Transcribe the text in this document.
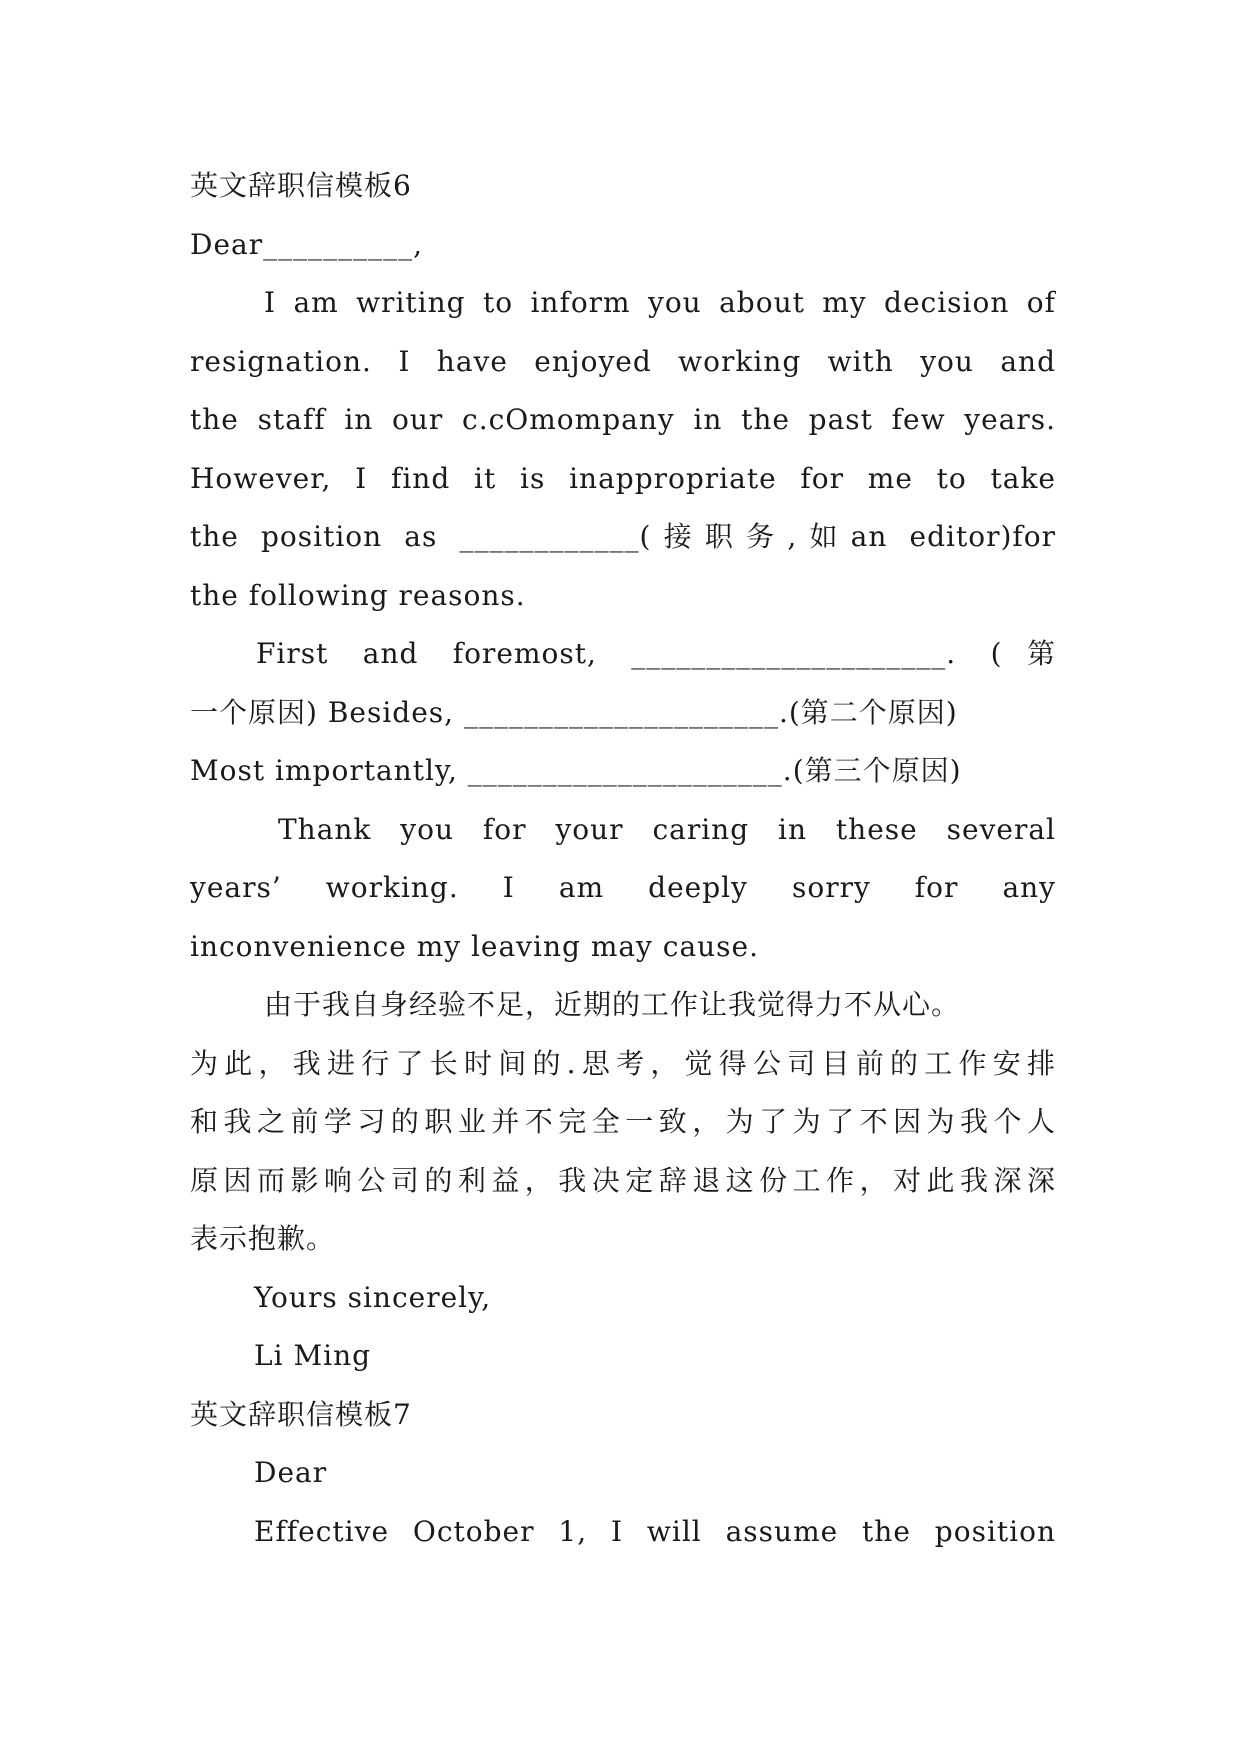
英文辞职信模板6
Dear__________,
I am writing to inform you about my decision of
resignation. I have enjoyed working with you and
the staff in our c.cOmompany in the past few years.
However, I find it is inappropriate for me to take
the position as ____________(接职务,如an editor)for
the following reasons.
First and foremost, _____________________. (第
一个原因) Besides, _____________________.(第二个原因)
Most importantly, _____________________.(第三个原因)
Thank you for your caring in these several
years’ working. I am deeply sorry for any
inconvenience my leaving may cause.
由于我自身经验不足，近期的工作让我觉得力不从心。
为此，我进行了长时间的.思考，觉得公司目前的工作安排
和我之前学习的职业并不完全一致，为了为了不因为我个人
原因而影响公司的利益，我决定辞退这份工作，对此我深深
表示抱歉。
Yours sincerely,
Li Ming
英文辞职信模板7
Dear
Effective October 1, I will assume the position
